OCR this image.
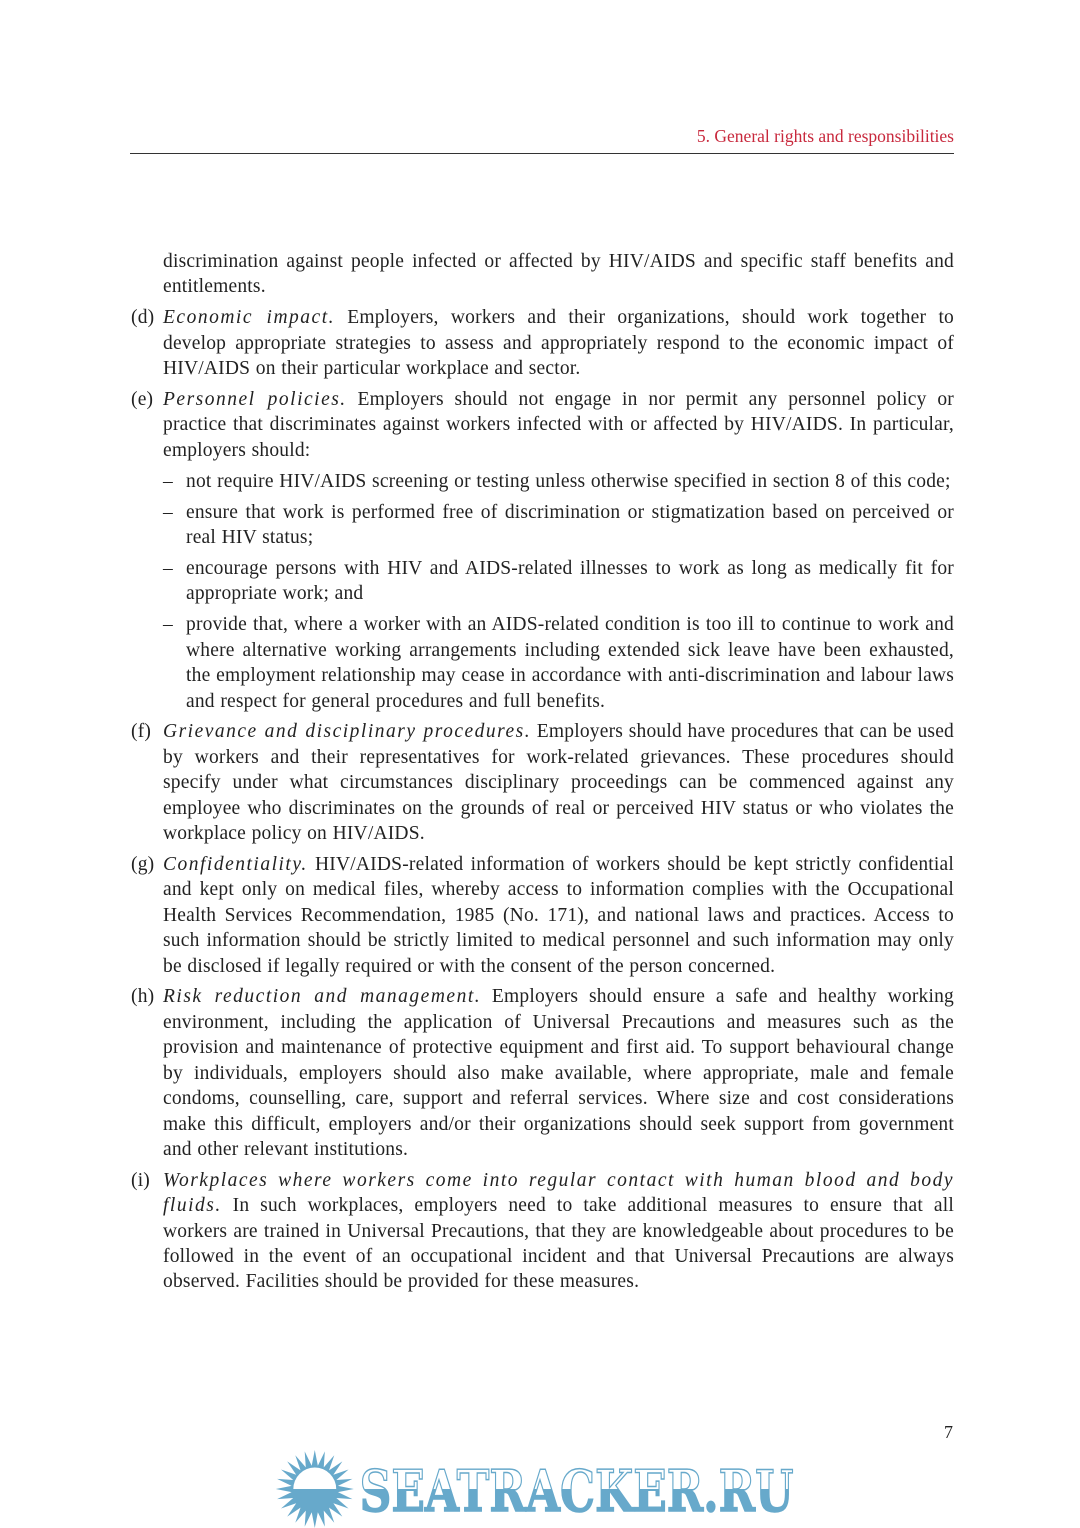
5. General rights and responsibilities
discrimination against people infected or affected by HIV/AIDS and specific staff benefits and entitlements.
(d) Economic impact. Employers, workers and their organizations, should work together to develop appropriate strategies to assess and appropriately respond to the economic impact of HIV/AIDS on their particular workplace and sector.
(e) Personnel policies. Employers should not engage in nor permit any personnel policy or practice that discriminates against workers infected with or affected by HIV/AIDS. In particular, employers should:
– not require HIV/AIDS screening or testing unless otherwise specified in section 8 of this code;
– ensure that work is performed free of discrimination or stigmatization based on perceived or real HIV status;
– encourage persons with HIV and AIDS-related illnesses to work as long as medically fit for appropriate work; and
– provide that, where a worker with an AIDS-related condition is too ill to continue to work and where alternative working arrangements including extended sick leave have been exhausted, the employment relationship may cease in accordance with anti-discrimination and labour laws and respect for general procedures and full benefits.
(f) Grievance and disciplinary procedures. Employers should have procedures that can be used by workers and their representatives for work-related grievances. These procedures should specify under what circumstances disciplinary proceedings can be commenced against any employee who discriminates on the grounds of real or perceived HIV status or who violates the workplace policy on HIV/AIDS.
(g) Confidentiality. HIV/AIDS-related information of workers should be kept strictly confidential and kept only on medical files, whereby access to information complies with the Occupational Health Services Recommendation, 1985 (No. 171), and national laws and practices. Access to such information should be strictly limited to medical personnel and such information may only be disclosed if legally required or with the consent of the person concerned.
(h) Risk reduction and management. Employers should ensure a safe and healthy working environment, including the application of Universal Precautions and measures such as the provision and maintenance of protective equipment and first aid. To support behavioural change by individuals, employers should also make available, where appropriate, male and female condoms, counselling, care, support and referral services. Where size and cost considerations make this difficult, employers and/or their organizations should seek support from government and other relevant institutions.
(i) Workplaces where workers come into regular contact with human blood and body fluids. In such workplaces, employers need to take additional measures to ensure that all workers are trained in Universal Precautions, that they are knowledgeable about procedures to be followed in the event of an occupational incident and that Universal Precautions are always observed. Facilities should be provided for these measures.
7
SEATRACKER.RU
